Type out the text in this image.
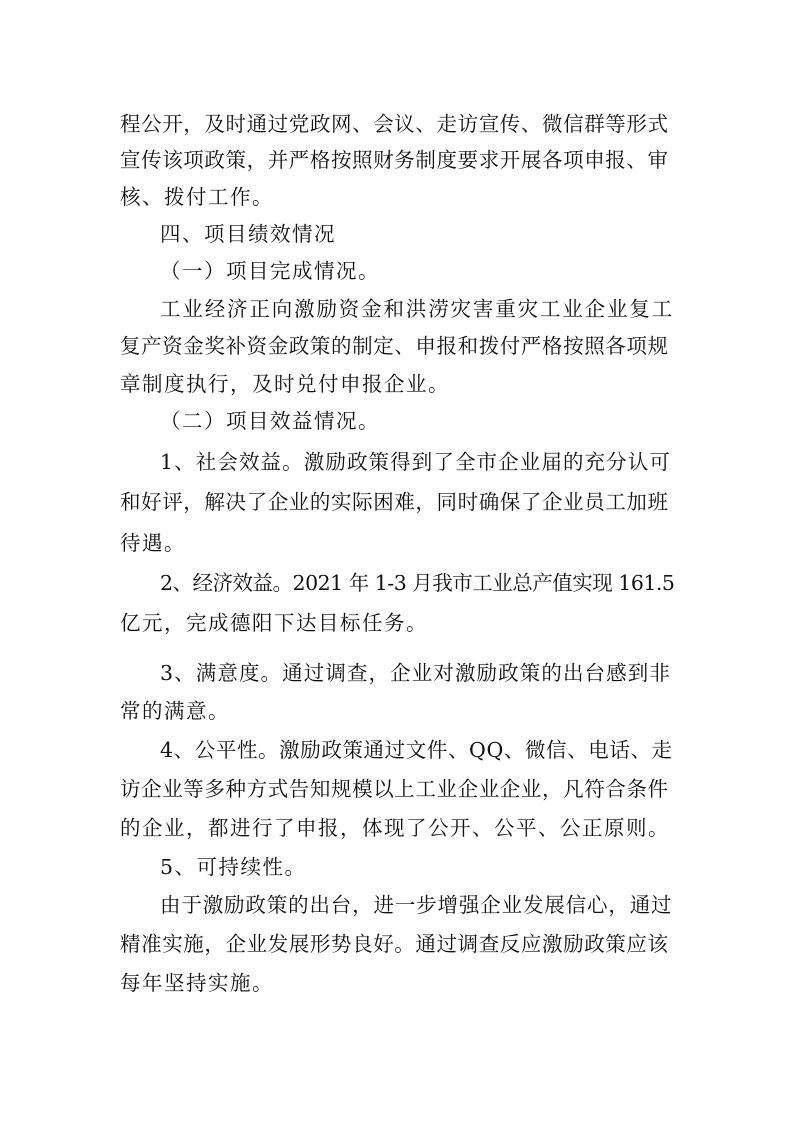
程公开，及时通过党政网、会议、走访宣传、微信群等形式
宣传该项政策，并严格按照财务制度要求开展各项申报、审
核、拨付工作。
四、项目绩效情况
（一）项目完成情况。
工业经济正向激励资金和洪涝灾害重灾工业企业复工
复产资金奖补资金政策的制定、申报和拨付严格按照各项规
章制度执行，及时兑付申报企业。
（二）项目效益情况。
1、社会效益。激励政策得到了全市企业届的充分认可
和好评，解决了企业的实际困难，同时确保了企业员工加班
待遇。
2、经济效益。2021 年 1-3 月我市工业总产值实现 161.5
亿元，完成德阳下达目标任务。
3、满意度。通过调查，企业对激励政策的出台感到非
常的满意。
4、公平性。激励政策通过文件、QQ、微信、电话、走
访企业等多种方式告知规模以上工业企业企业，凡符合条件
的企业，都进行了申报，体现了公开、公平、公正原则。
5、可持续性。
由于激励政策的出台，进一步增强企业发展信心，通过
精准实施，企业发展形势良好。通过调查反应激励政策应该
每年坚持实施。
